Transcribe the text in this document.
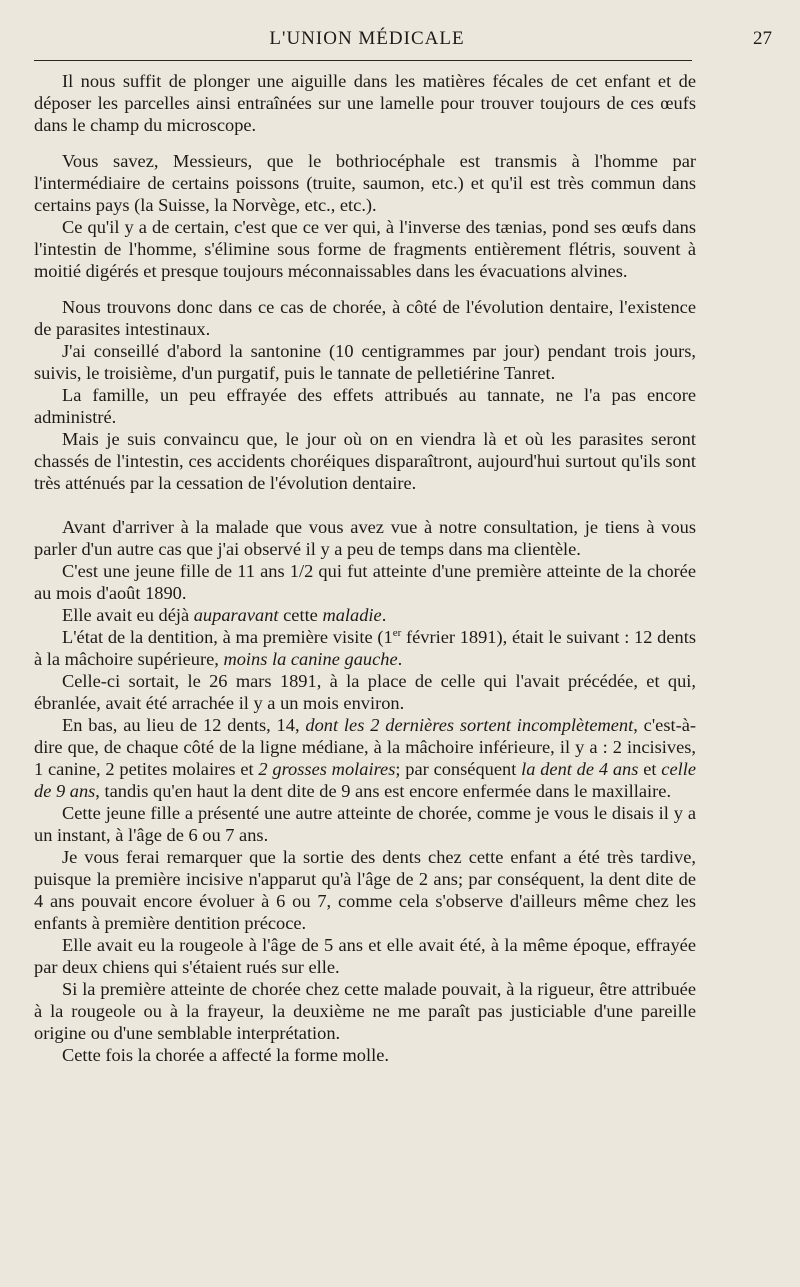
L'UNION MÉDICALE	27

Il nous suffit de plonger une aiguille dans les matières fécales de cet enfant et de déposer les parcelles ainsi entraînées sur une lamelle pour trouver toujours de ces œufs dans le champ du microscope.

Vous savez, Messieurs, que le bothriocéphale est transmis à l'homme par l'intermédiaire de certains poissons (truite, saumon, etc.) et qu'il est très commun dans certains pays (la Suisse, la Norvège, etc., etc.).

Ce qu'il y a de certain, c'est que ce ver qui, à l'inverse des tænias, pond ses œufs dans l'intestin de l'homme, s'élimine sous forme de fragments entièrement flétris, souvent à moitié digérés et presque toujours méconnaissables dans les évacuations alvines.

Nous trouvons donc dans ce cas de chorée, à côté de l'évolution dentaire, l'existence de parasites intestinaux.

J'ai conseillé d'abord la santonine (10 centigrammes par jour) pendant trois jours, suivis, le troisième, d'un purgatif, puis le tannate de pelletiérine Tanret.

La famille, un peu effrayée des effets attribués au tannate, ne l'a pas encore administré.

Mais je suis convaincu que, le jour où on en viendra là et où les parasites seront chassés de l'intestin, ces accidents choréiques disparaîtront, aujourd'hui surtout qu'ils sont très atténués par la cessation de l'évolution dentaire.

Avant d'arriver à la malade que vous avez vue à notre consultation, je tiens à vous parler d'un autre cas que j'ai observé il y a peu de temps dans ma clientèle.

C'est une jeune fille de 11 ans 1/2 qui fut atteinte d'une première atteinte de la chorée au mois d'août 1890.

Elle avait eu déjà auparavant cette maladie.

L'état de la dentition, à ma première visite (1er février 1891), était le suivant : 12 dents à la mâchoire supérieure, moins la canine gauche.

Celle-ci sortait, le 26 mars 1891, à la place de celle qui l'avait précédée, et qui, ébranlée, avait été arrachée il y a un mois environ.

En bas, au lieu de 12 dents, 14, dont les 2 dernières sortent incomplètement, c'est-à-dire que, de chaque côté de la ligne médiane, à la mâchoire inférieure, il y a : 2 incisives, 1 canine, 2 petites molaires et 2 grosses molaires; par conséquent la dent de 4 ans et celle de 9 ans, tandis qu'en haut la dent dite de 9 ans est encore enfermée dans le maxillaire.

Cette jeune fille a présenté une autre atteinte de chorée, comme je vous le disais il y a un instant, à l'âge de 6 ou 7 ans.

Je vous ferai remarquer que la sortie des dents chez cette enfant a été très tardive, puisque la première incisive n'apparut qu'à l'âge de 2 ans; par conséquent, la dent dite de 4 ans pouvait encore évoluer à 6 ou 7, comme cela s'observe d'ailleurs même chez les enfants à première dentition précoce.

Elle avait eu la rougeole à l'âge de 5 ans et elle avait été, à la même époque, effrayée par deux chiens qui s'étaient rués sur elle.

Si la première atteinte de chorée chez cette malade pouvait, à la rigueur, être attribuée à la rougeole ou à la frayeur, la deuxième ne me paraît pas justiciable d'une pareille origine ou d'une semblable interprétation.

Cette fois la chorée a affecté la forme molle.
